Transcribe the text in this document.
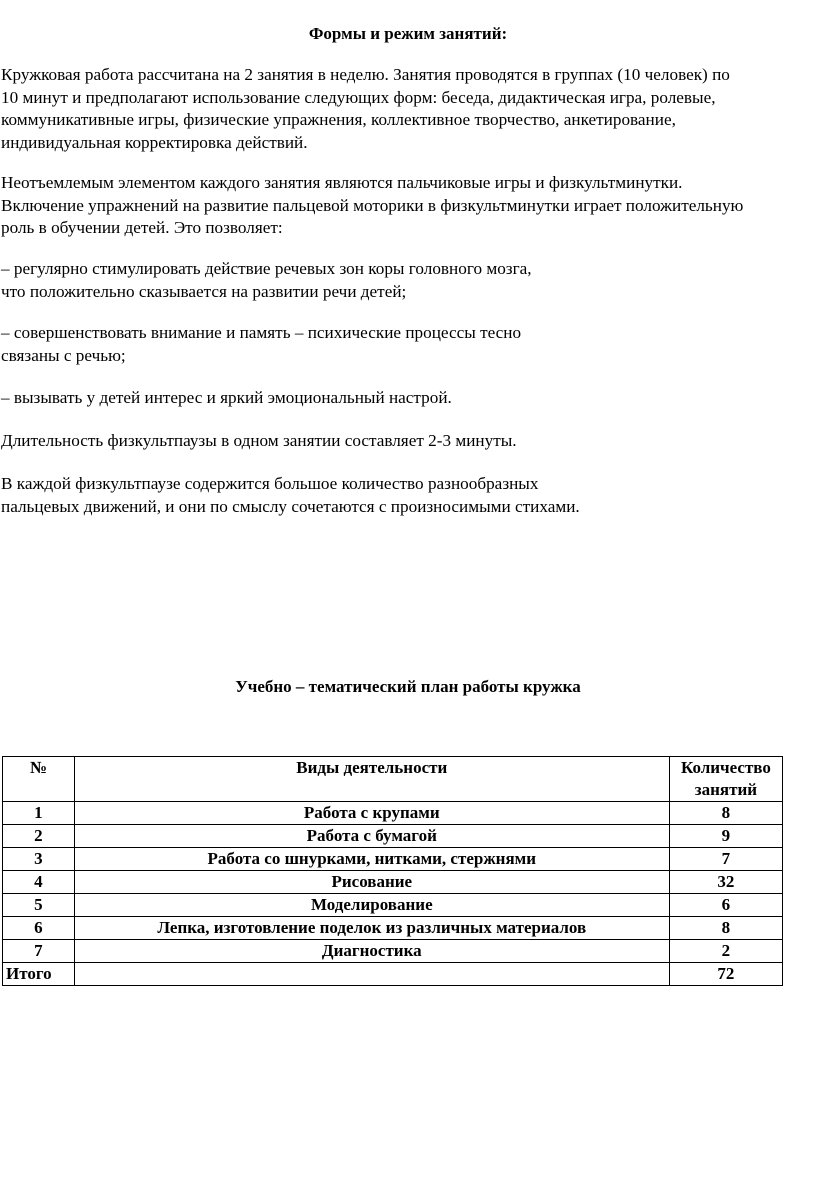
Формы и режим занятий:

Кружковая работа рассчитана на 2 занятия в неделю. Занятия проводятся в группах (10 человек) по
10 минут и предполагают использование следующих форм: беседа, дидактическая игра, ролевые,
коммуникативные игры, физические упражнения, коллективное творчество, анкетирование,
индивидуальная корректировка действий.

Неотъемлемым элементом каждого занятия являются пальчиковые игры и физкультминутки.
Включение упражнений на развитие пальцевой моторики в физкультминутки играет положительную
роль в обучении детей. Это позволяет:

– регулярно стимулировать действие речевых зон коры головного мозга,
что положительно сказывается на развитии речи детей;

– совершенствовать внимание и память – психические процессы тесно
связаны с речью;

– вызывать у детей интерес и яркий эмоциональный настрой.

Длительность физкультпаузы в одном занятии составляет 2-3 минуты.

В каждой физкультпаузе содержится большое количество разнообразных
пальцевых движений, и они по смыслу сочетаются с произносимыми стихами.

Учебно – тематический план работы кружка
№	Виды деятельности	Количество занятий
1	Работа с крупами	8
2	Работа с бумагой	9
3	Работа со шнурками, нитками, стержнями	7
4	Рисование	32
5	Моделирование	6
6	Лепка, изготовление поделок из различных материалов	8
7	Диагностика	2
Итого		72
